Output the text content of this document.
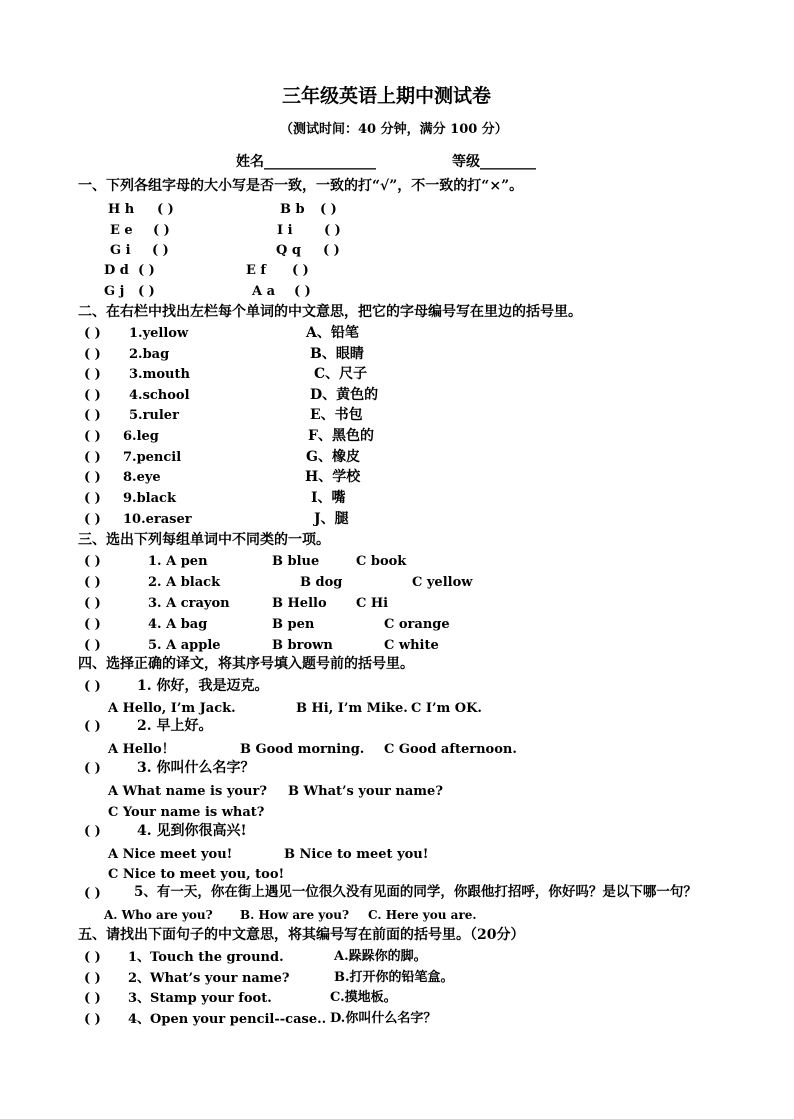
三年级英语上期中测试卷
（测试时间：40 分钟，满分 100 分）
姓名________________	等级________
一、下列各组字母的大小写是否一致，一致的打“√”，不一致的打“×”。
H h ( )	B b ( )
E e ( )	I i ( )
G i ( )	Q q ( )
D d ( )	E f ( )
G j ( )	A a ( )
二、在右栏中找出左栏每个单词的中文意思，把它的字母编号写在里边的括号里。
( ) 1.yellow	A、铅笔
( ) 2.bag	B、眼睛
( ) 3.mouth	C、尺子
( ) 4.school	D、黄色的
( ) 5.ruler	E、书包
( ) 6.leg	F、黑色的
( ) 7.pencil	G、橡皮
( ) 8.eye	H、学校
( ) 9.black	I、嘴
( ) 10.eraser	J、腿
三、选出下列每组单词中不同类的一项。
( )	1. A pen	B blue	C book
( )	2. A black	B dog	C yellow
( )	3. A crayon	B Hello C Hi
( )	4. A bag	B pen	C orange
( )	5. A apple	B brown	C white
四、选择正确的译文，将其序号填入题号前的括号里。
( )	1. 你好，我是迈克。
A Hello, I’m Jack.	B Hi, I’m Mike. C I’m OK.
( )	2. 早上好。
A Hello！	B Good morning. C Good afternoon.
( )	3. 你叫什么名字？
A What name is your? B What’s your name?
C Your name is what?
( )	4. 见到你很高兴!
A Nice meet you!	B Nice to meet you!
C Nice to meet you, too!
( ) 5、有一天，你在街上遇见一位很久没有见面的同学，你跟他打招呼，你好吗？是以下哪一句？
A. Who are you? B. How are you? C. Here you are.
五、请找出下面句子的中文意思，将其编号写在前面的括号里。（20分）
( ) 1、Touch the ground.	A.跺跺你的脚。
( ) 2、What’s your name?	B.打开你的铅笔盒。
( ) 3、Stamp your foot.	C.摸地板。
( ) 4、Open your pencil--case.. D.你叫什么名字？
